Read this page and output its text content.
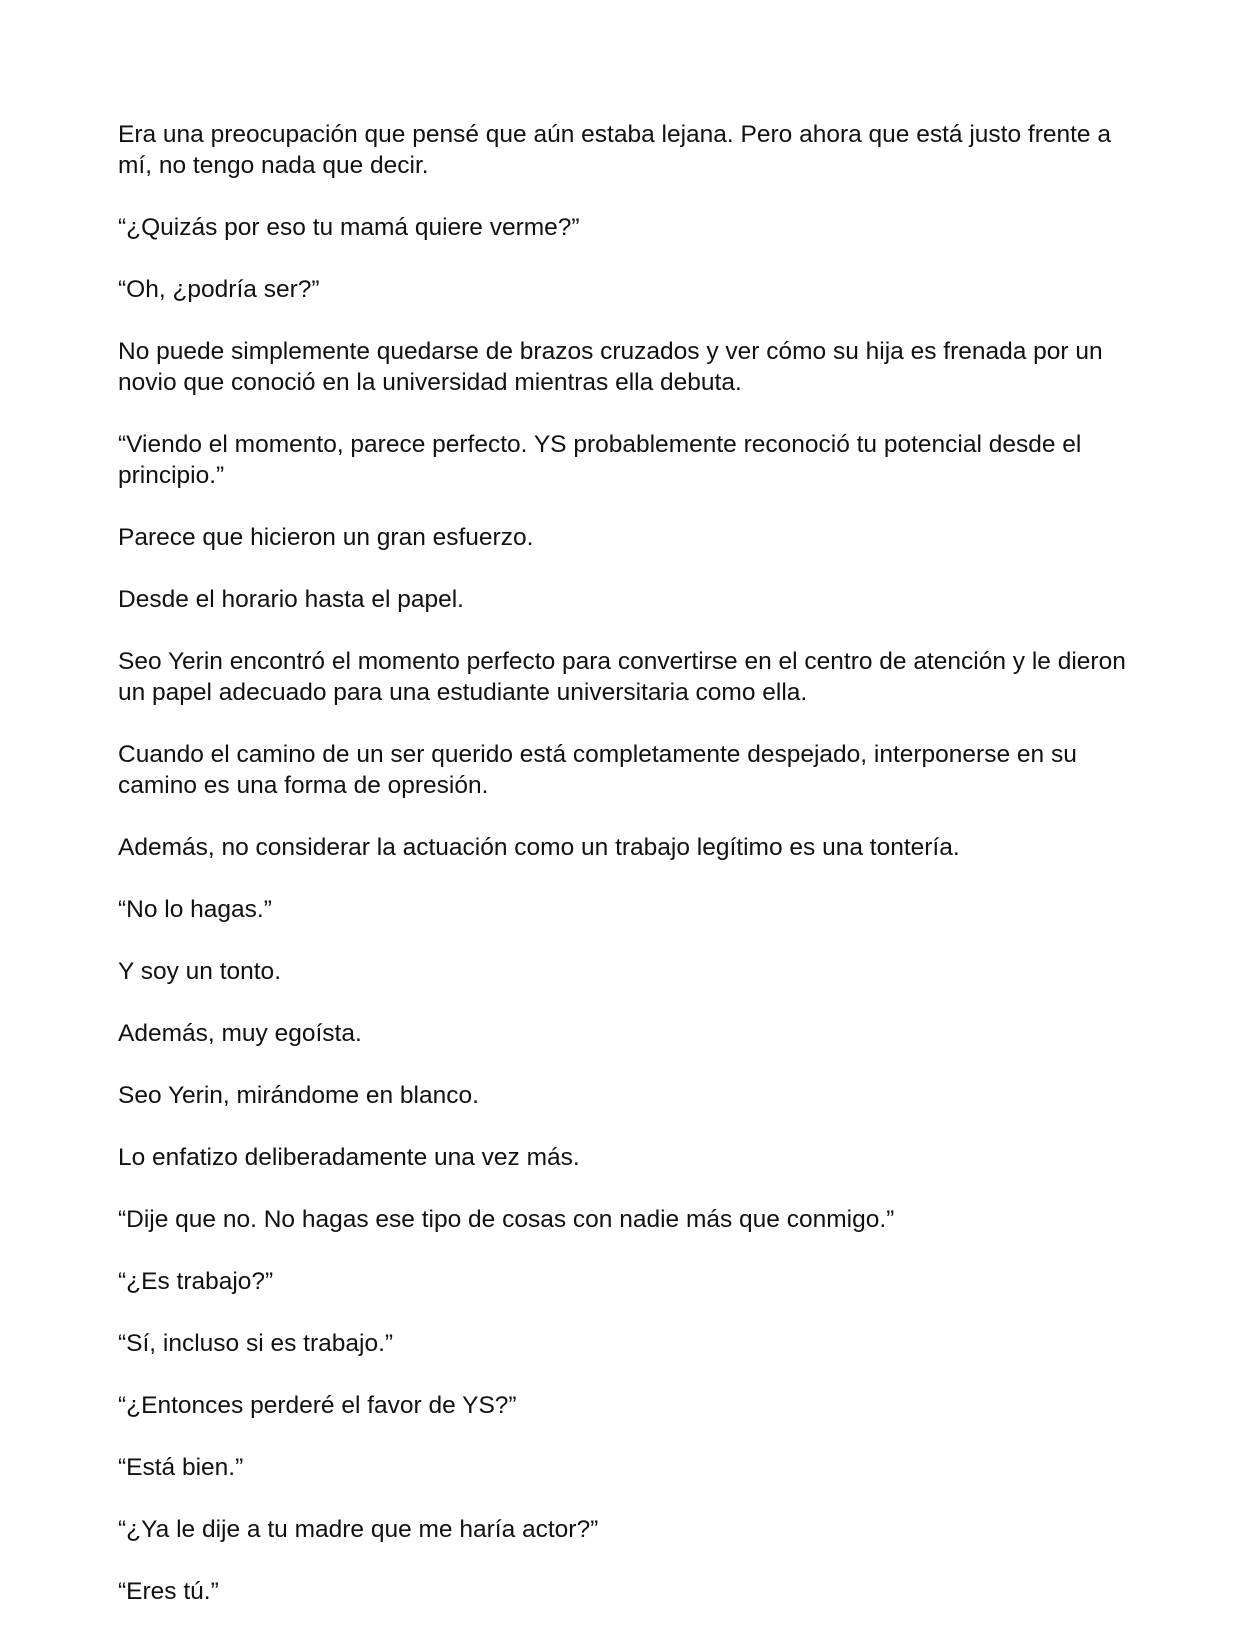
Era una preocupación que pensé que aún estaba lejana. Pero ahora que está justo frente a mí, no tengo nada que decir.

“¿Quizás por eso tu mamá quiere verme?”

“Oh, ¿podría ser?”

No puede simplemente quedarse de brazos cruzados y ver cómo su hija es frenada por un novio que conoció en la universidad mientras ella debuta.

“Viendo el momento, parece perfecto. YS probablemente reconoció tu potencial desde el principio.”

Parece que hicieron un gran esfuerzo.

Desde el horario hasta el papel.

Seo Yerin encontró el momento perfecto para convertirse en el centro de atención y le dieron un papel adecuado para una estudiante universitaria como ella.

Cuando el camino de un ser querido está completamente despejado, interponerse en su camino es una forma de opresión.

Además, no considerar la actuación como un trabajo legítimo es una tontería.

“No lo hagas.”

Y soy un tonto.

Además, muy egoísta.

Seo Yerin, mirándome en blanco.

Lo enfatizo deliberadamente una vez más.

“Dije que no. No hagas ese tipo de cosas con nadie más que conmigo.”

“¿Es trabajo?”

“Sí, incluso si es trabajo.”

“¿Entonces perderé el favor de YS?”

“Está bien.”

“¿Ya le dije a tu madre que me haría actor?”

“Eres tú.”
